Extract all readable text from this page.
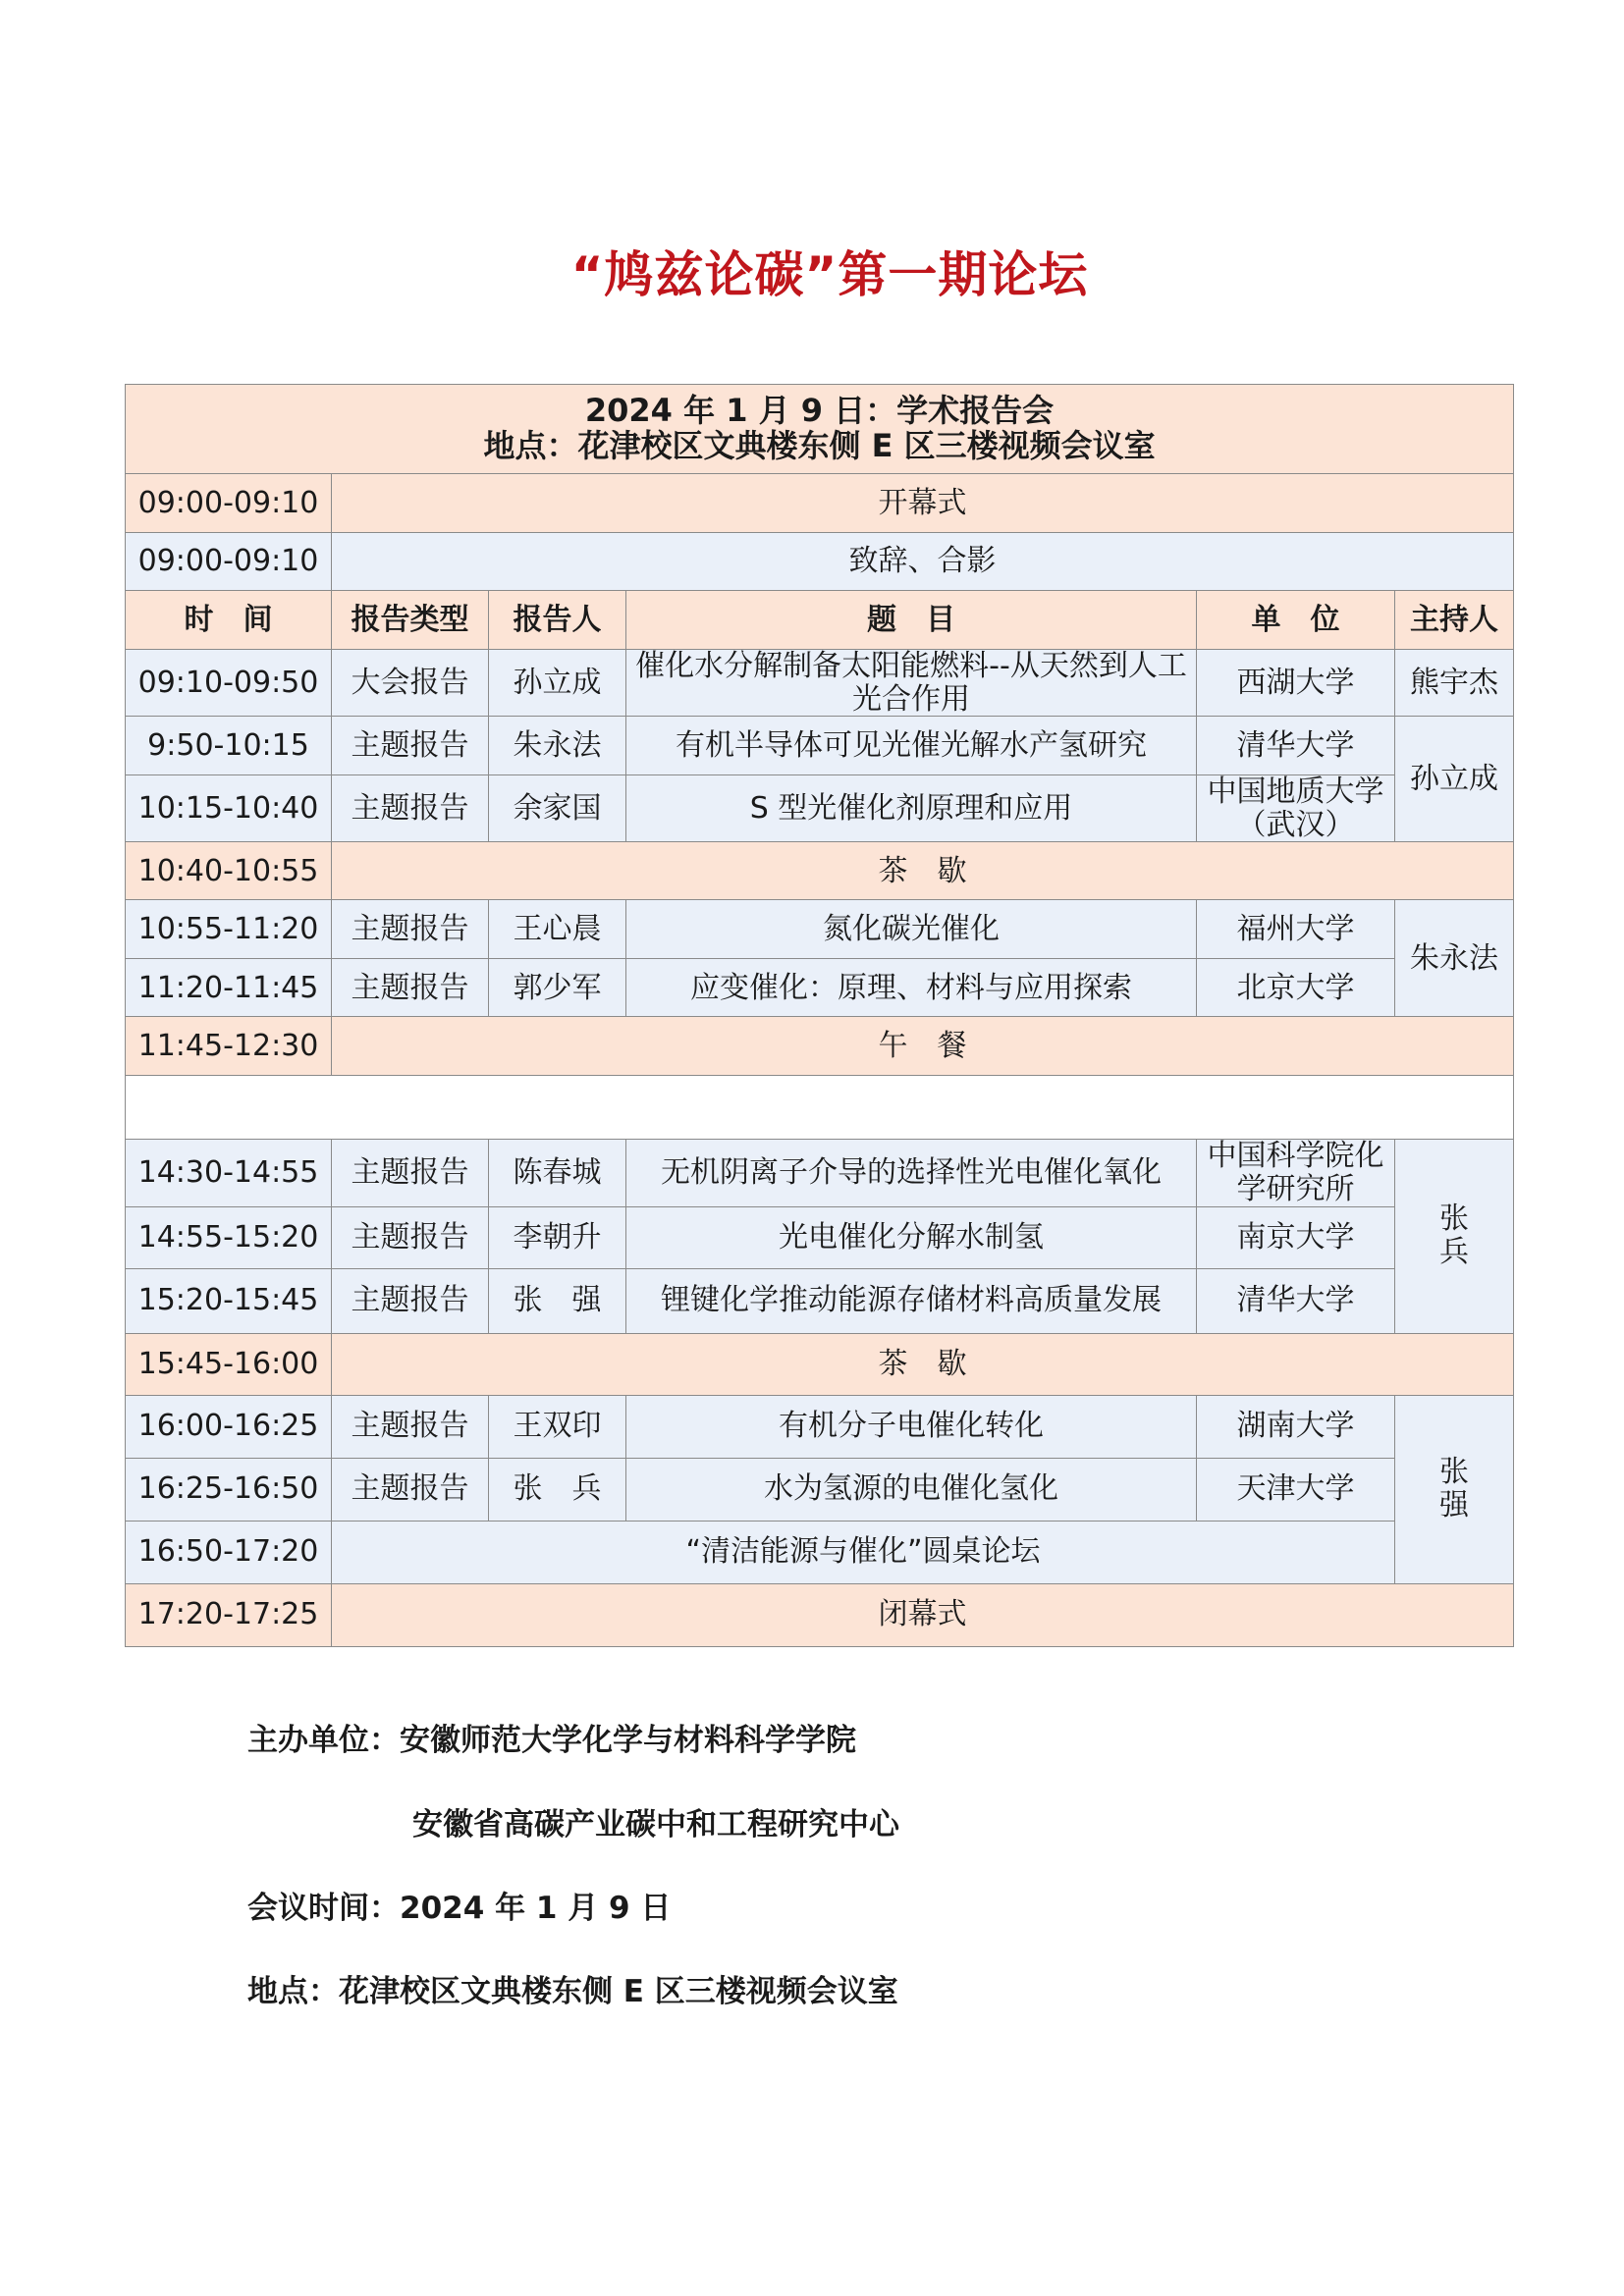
“鸠兹论碳”第一期论坛
2024 年 1 月 9 日：学术报告会
地点：花津校区文典楼东侧 E 区三楼视频会议室					

09:00-09:10	开幕式				
09:00-09:10	致辞、合影				
时　间	报告类型	报告人	题　目	单　位	主持人
09:10-09:50	大会报告	孙立成	催化水分解制备太阳能燃料--从天然到人工光合作用	西湖大学	熊宇杰
9:50-10:15	主题报告	朱永法	有机半导体可见光催光解水产氢研究	清华大学	孙立成
10:15-10:40	主题报告	余家国	S 型光催化剂原理和应用	中国地质大学（武汉）	
10:40-10:55	茶　歇				
10:55-11:20	主题报告	王心晨	氮化碳光催化	福州大学	朱永法
11:20-11:45	主题报告	郭少军	应变催化：原理、材料与应用探索	北京大学	
11:45-12:30	午　餐				

14:30-14:55	主题报告	陈春城	无机阴离子介导的选择性光电催化氧化	中国科学院化学研究所	张兵
14:55-15:20	主题报告	李朝升	光电催化分解水制氢	南京大学	
15:20-15:45	主题报告	张　强	锂键化学推动能源存储材料高质量发展	清华大学	
15:45-16:00	茶　歇				
16:00-16:25	主题报告	王双印	有机分子电催化转化	湖南大学	张强
16:25-16:50	主题报告	张　兵	水为氢源的电催化氢化	天津大学	
16:50-17:20	“清洁能源与催化”圆桌论坛				
17:20-17:25	闭幕式				

主办单位：安徽师范大学化学与材料科学学院

安徽省高碳产业碳中和工程研究中心

会议时间：2024 年 1 月 9 日

地点：花津校区文典楼东侧 E 区三楼视频会议室
